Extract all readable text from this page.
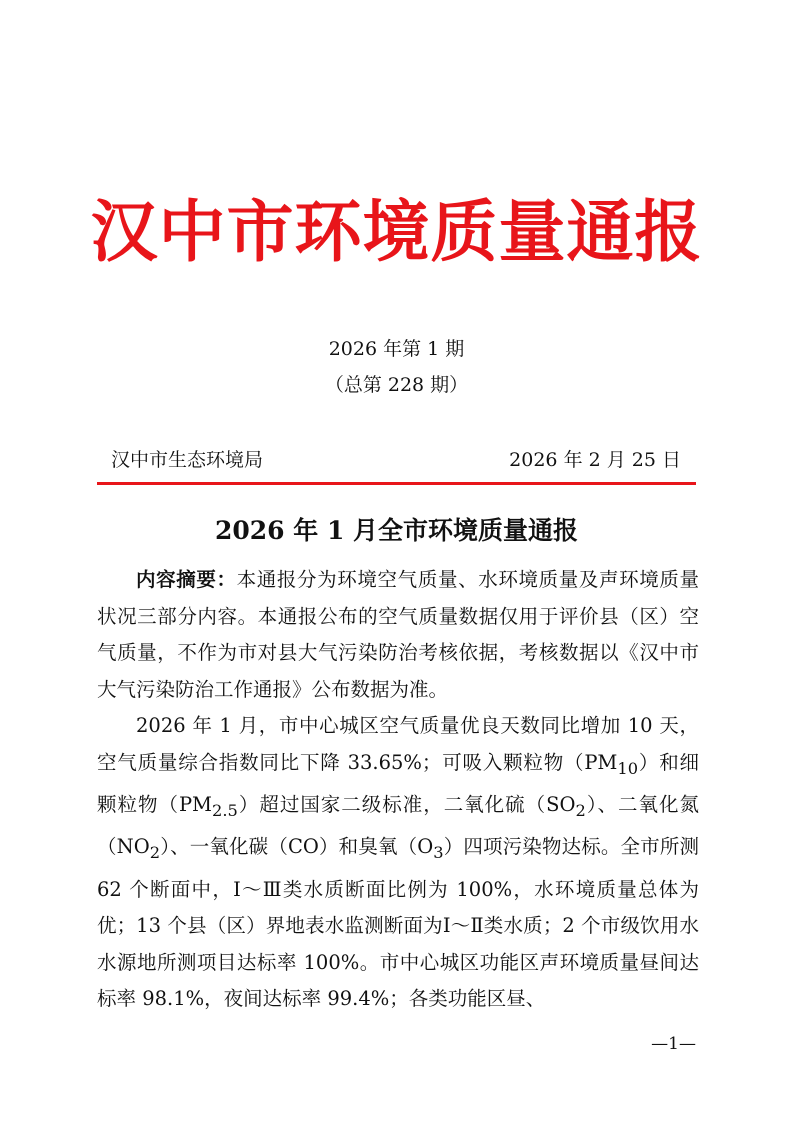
汉中市环境质量通报
2026 年第 1 期
（总第 228 期）
汉中市生态环境局	2026 年 2 月 25 日
2026 年 1 月全市环境质量通报

内容摘要：本通报分为环境空气质量、水环境质量及声环境质量状况三部分内容。本通报公布的空气质量数据仅用于评价县（区）空气质量，不作为市对县大气污染防治考核依据，考核数据以《汉中市大气污染防治工作通报》公布数据为准。

2026 年 1 月，市中心城区空气质量优良天数同比增加 10 天，空气质量综合指数同比下降 33.65%；可吸入颗粒物$(PM_{10})$和细颗粒物$(PM_{2.5})$超过国家二级标准，二氧化硫$(SO_2)$、二氧化氮$(NO_2)$、一氧化碳（CO）和臭氧$(O_3)$四项污染物达标。全市所测 62 个断面中，Ⅰ～Ⅲ类水质断面比例为 100%，水环境质量总体为优；13 个县（区）界地表水监测断面为Ⅰ～Ⅱ类水质；2 个市级饮用水水源地所测项目达标率 100%。市中心城区功能区声环境质量昼间达标率 98.1%，夜间达标率 99.4%；各类功能区昼、

—1—
